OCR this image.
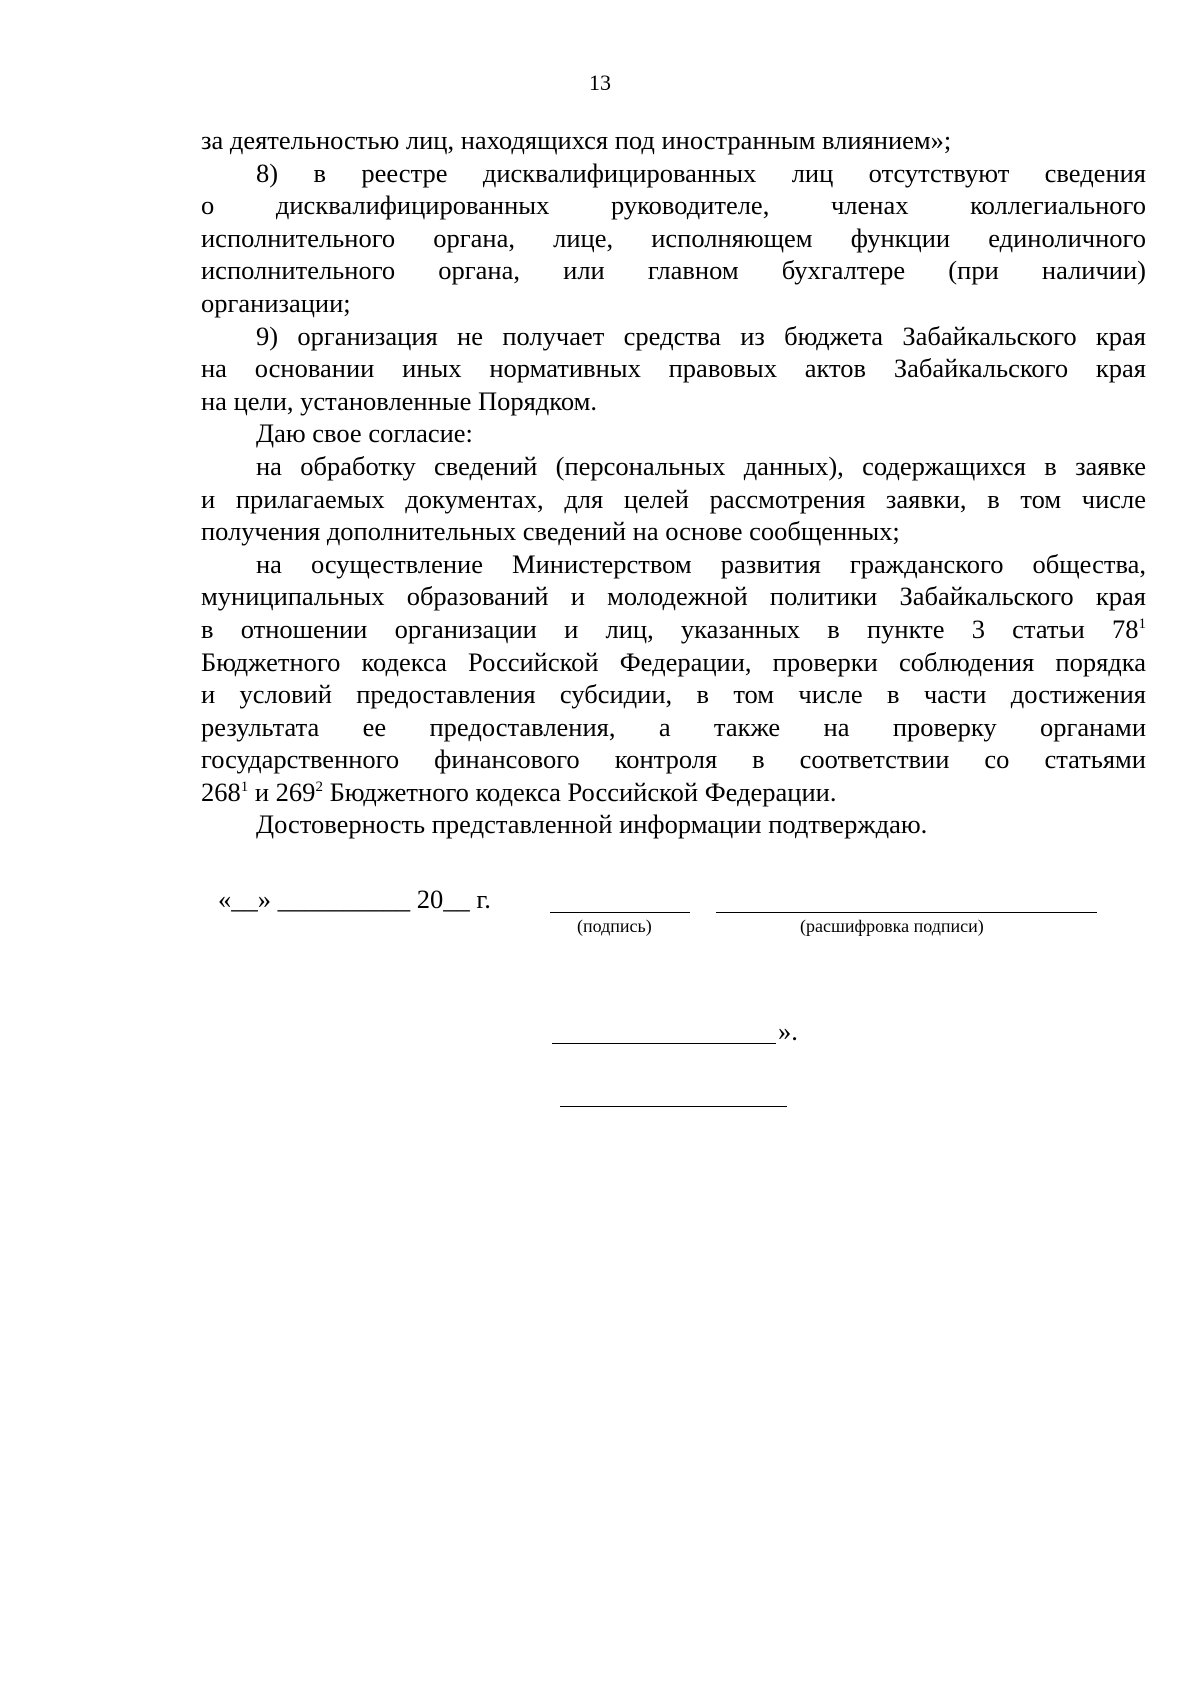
13
за деятельностью лиц, находящихся под иностранным влиянием»;
8) в реестре дисквалифицированных лиц отсутствуют сведения
о дисквалифицированных руководителе, членах коллегиального
исполнительного органа, лице, исполняющем функции единоличного
исполнительного органа, или главном бухгалтере (при наличии)
организации;
9) организация не получает средства из бюджета Забайкальского края
на основании иных нормативных правовых актов Забайкальского края
на цели, установленные Порядком.
Даю свое согласие:
на обработку сведений (персональных данных), содержащихся в заявке
и прилагаемых документах, для целей рассмотрения заявки, в том числе
получения дополнительных сведений на основе сообщенных;
на осуществление Министерством развития гражданского общества,
муниципальных образований и молодежной политики Забайкальского края
в отношении организации и лиц, указанных в пункте 3 статьи $78^1$
Бюджетного кодекса Российской Федерации, проверки соблюдения порядка
и условий предоставления субсидии, в том числе в части достижения
результата ее предоставления, а также на проверку органами
государственного финансового контроля в соответствии со статьями
$268^1$ и $269^2$ Бюджетного кодекса Российской Федерации.
Достоверность представленной информации подтверждаю.
«__» __________ 20__ г.
(подпись)	(расшифровка подписи)
».
